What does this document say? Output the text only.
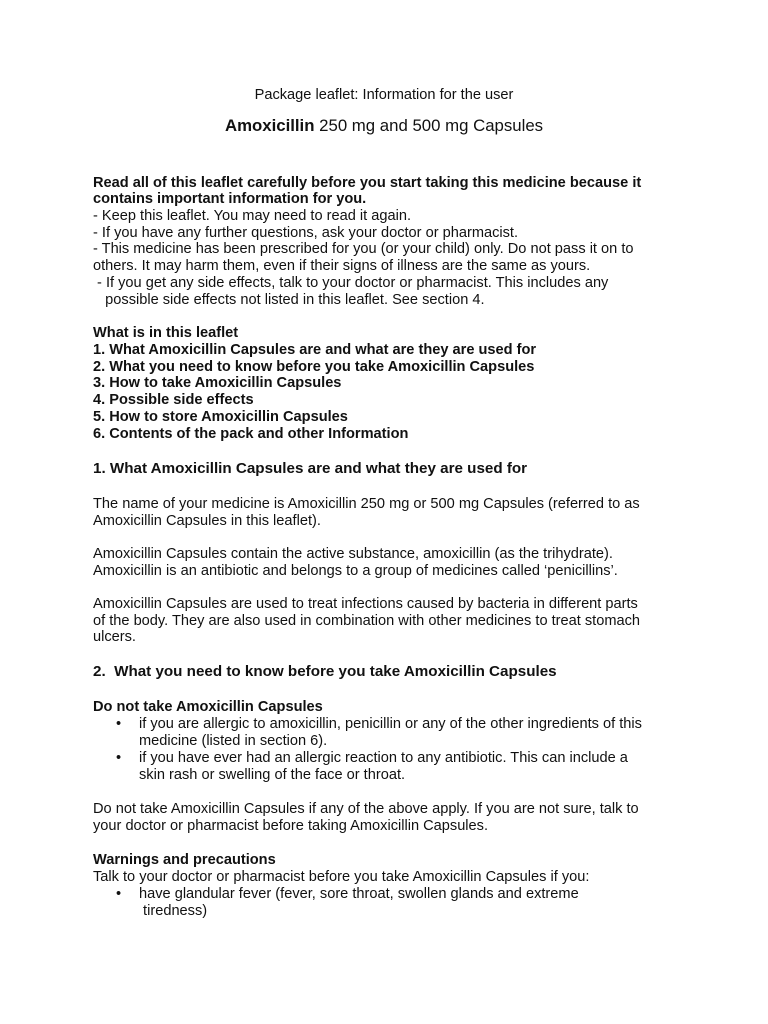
Package leaflet: Information for the user
Amoxicillin 250 mg and 500 mg Capsules
Read all of this leaflet carefully before you start taking this medicine because it
contains important information for you.
- Keep this leaflet. You may need to read it again.
- If you have any further questions, ask your doctor or pharmacist.
- This medicine has been prescribed for you (or your child) only. Do not pass it on to
others. It may harm them, even if their signs of illness are the same as yours.
- If you get any side effects, talk to your doctor or pharmacist. This includes any
possible side effects not listed in this leaflet. See section 4.
What is in this leaflet
1. What Amoxicillin Capsules are and what are they are used for
2. What you need to know before you take Amoxicillin Capsules
3. How to take Amoxicillin Capsules
4. Possible side effects
5. How to store Amoxicillin Capsules
6. Contents of the pack and other Information
1. What Amoxicillin Capsules are and what they are used for
The name of your medicine is Amoxicillin 250 mg or 500 mg Capsules (referred to as
Amoxicillin Capsules in this leaflet).
Amoxicillin Capsules contain the active substance, amoxicillin (as the trihydrate).
Amoxicillin is an antibiotic and belongs to a group of medicines called ‘penicillins’.
Amoxicillin Capsules are used to treat infections caused by bacteria in different parts
of the body. They are also used in combination with other medicines to treat stomach
ulcers.
2.  What you need to know before you take Amoxicillin Capsules
Do not take Amoxicillin Capsules
• if you are allergic to amoxicillin, penicillin or any of the other ingredients of this
medicine (listed in section 6).
• if you have ever had an allergic reaction to any antibiotic. This can include a
skin rash or swelling of the face or throat.
Do not take Amoxicillin Capsules if any of the above apply. If you are not sure, talk to
your doctor or pharmacist before taking Amoxicillin Capsules.
Warnings and precautions
Talk to your doctor or pharmacist before you take Amoxicillin Capsules if you:
• have glandular fever (fever, sore throat, swollen glands and extreme
tiredness)
